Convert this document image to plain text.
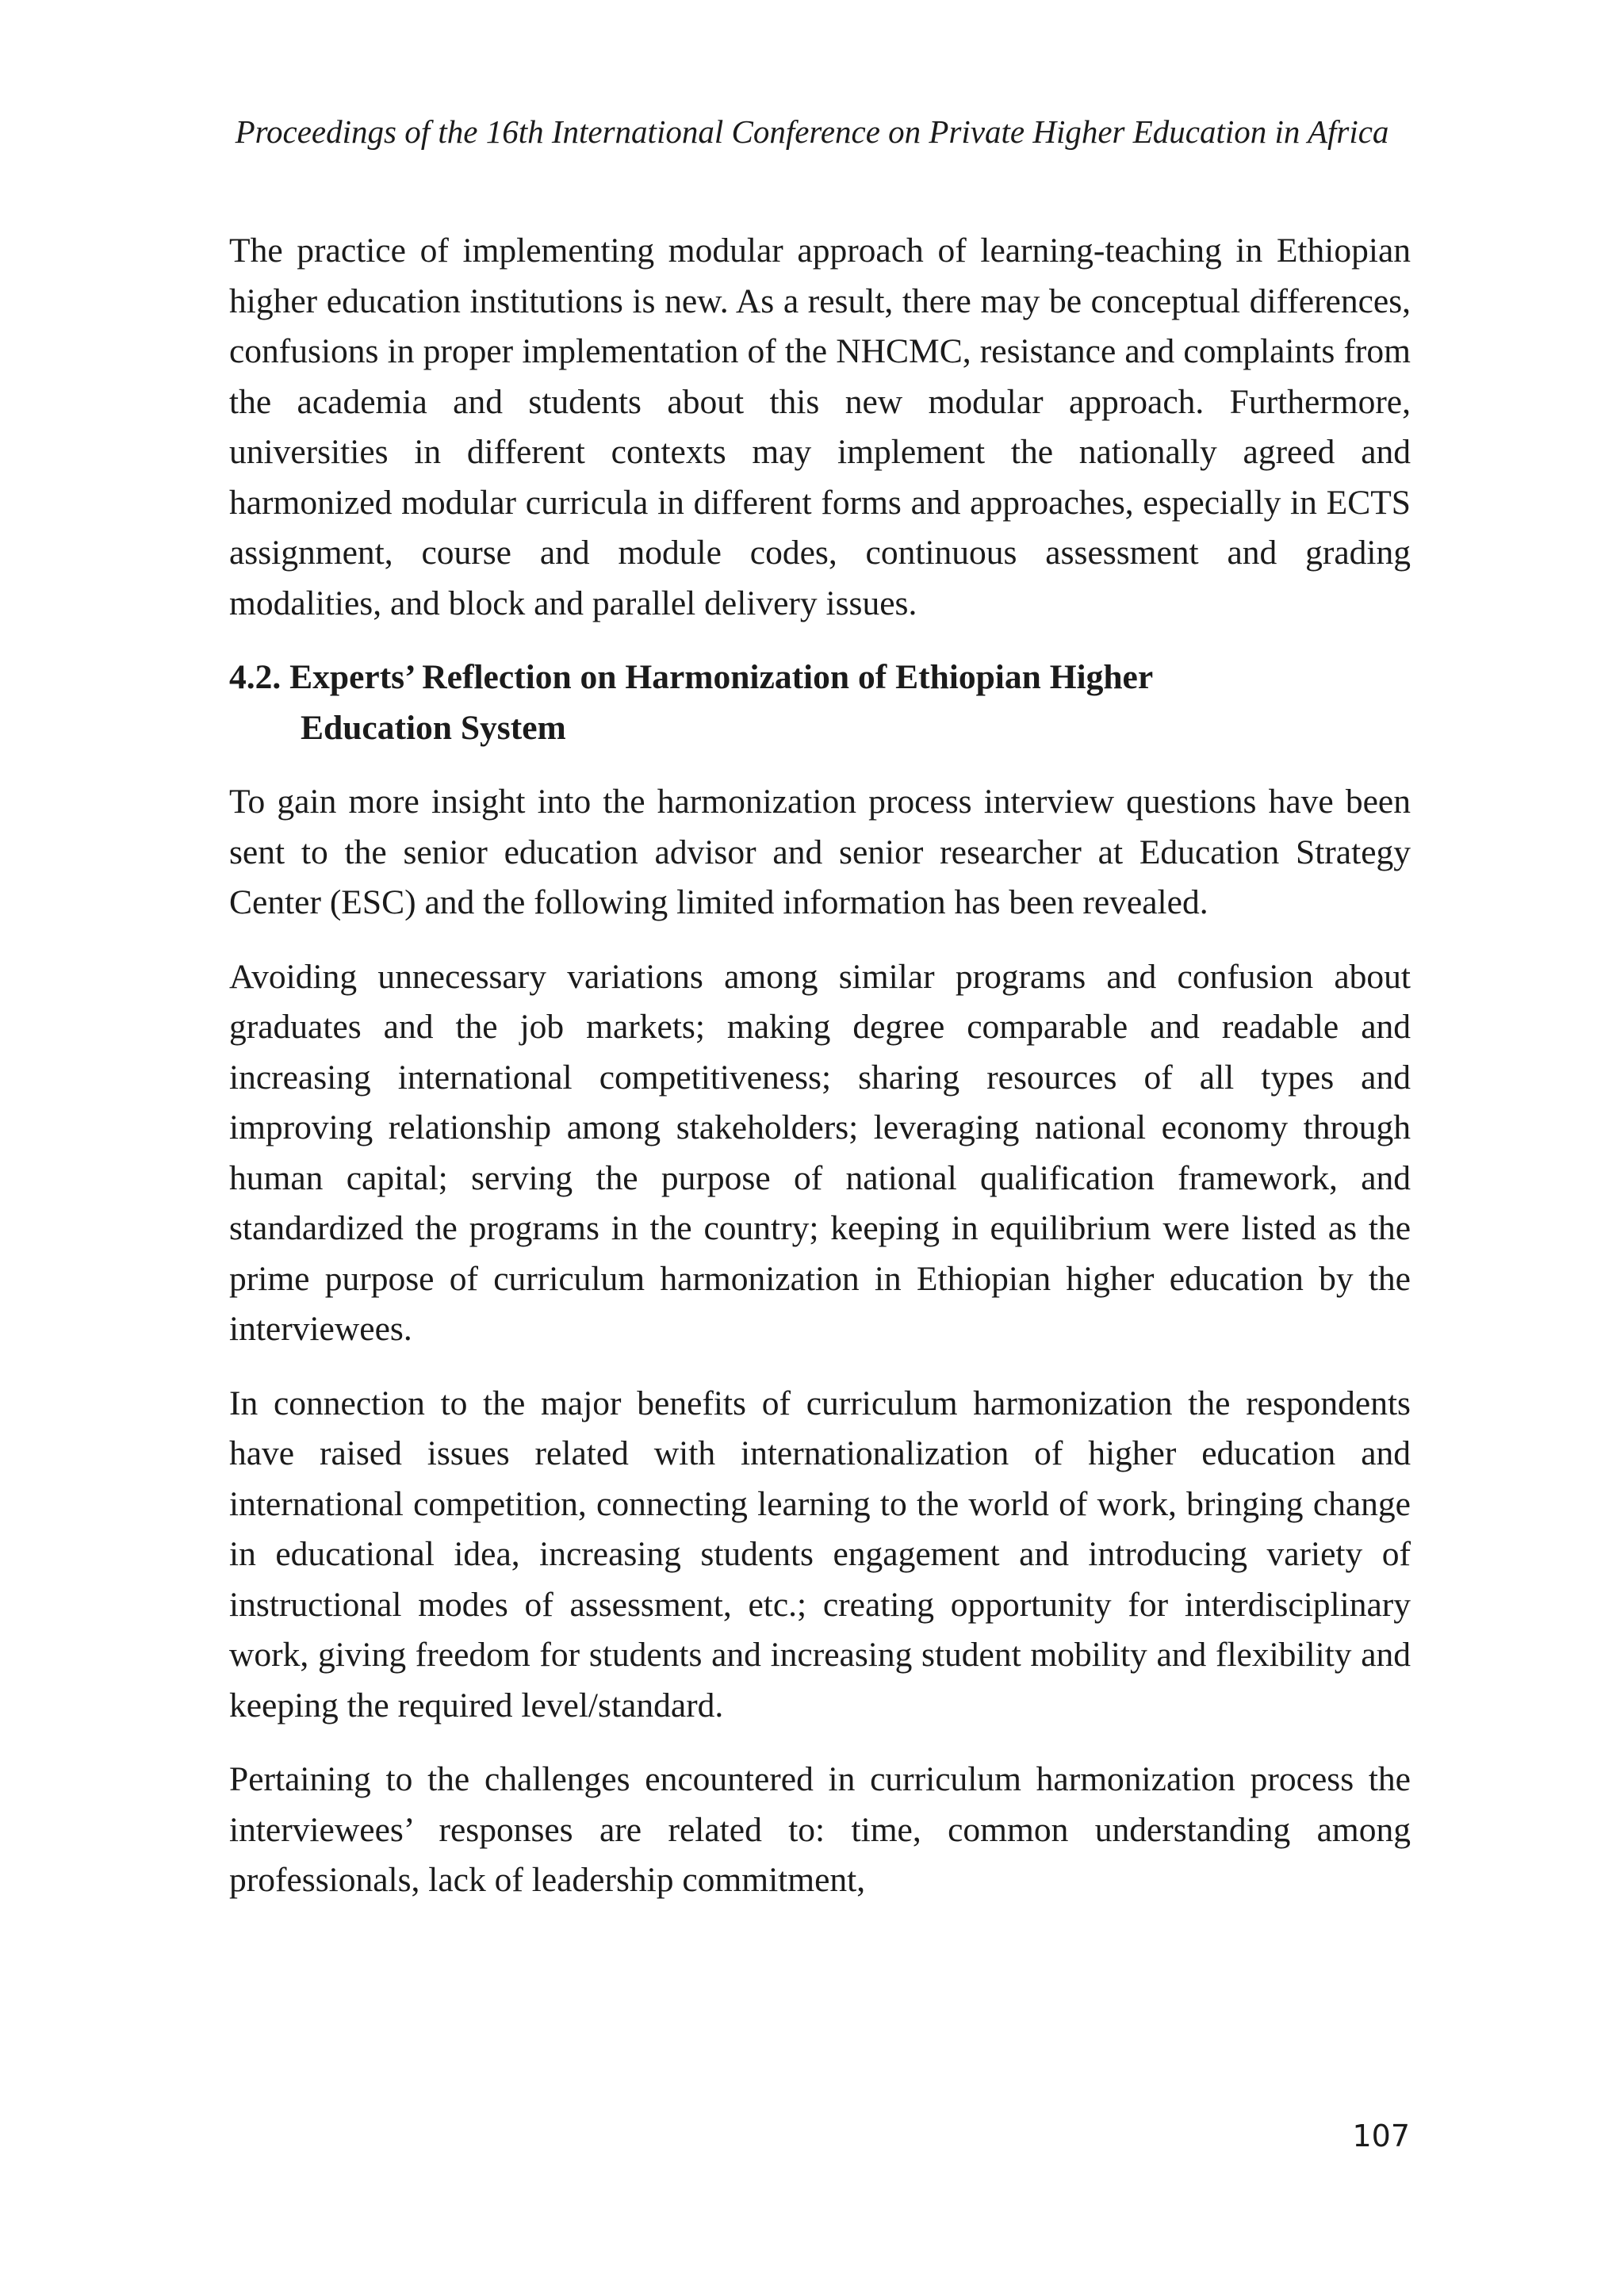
Proceedings of the 16th International Conference on Private Higher Education in Africa

The practice of implementing modular approach of learning-teaching in Ethiopian higher education institutions is new. As a result, there may be conceptual differences, confusions in proper implementation of the NHCMC, resistance and complaints from the academia and students about this new modular approach. Furthermore, universities in different contexts may implement the nationally agreed and harmonized modular curricula in different forms and approaches, especially in ECTS assignment, course and module codes, continuous assessment and grading modalities, and block and parallel delivery issues.

4.2. Experts’ Reflection on Harmonization of Ethiopian Higher
Education System

To gain more insight into the harmonization process interview questions have been sent to the senior education advisor and senior researcher at Education Strategy Center (ESC) and the following limited information has been revealed.

Avoiding unnecessary variations among similar programs and confusion about graduates and the job markets; making degree comparable and readable and increasing international competitiveness; sharing resources of all types and improving relationship among stakeholders; leveraging national economy through human capital; serving the purpose of national qualification framework, and standardized the programs in the country; keeping in equilibrium were listed as the prime purpose of curriculum harmonization in Ethiopian higher education by the interviewees.

In connection to the major benefits of curriculum harmonization the respondents have raised issues related with internationalization of higher education and international competition, connecting learning to the world of work, bringing change in educational idea, increasing students engagement and introducing variety of instructional modes of assessment, etc.; creating opportunity for interdisciplinary work, giving freedom for students and increasing student mobility and flexibility and keeping the required level/standard.

Pertaining to the challenges encountered in curriculum harmonization process the interviewees’ responses are related to: time, common understanding among professionals, lack of leadership commitment,

107
